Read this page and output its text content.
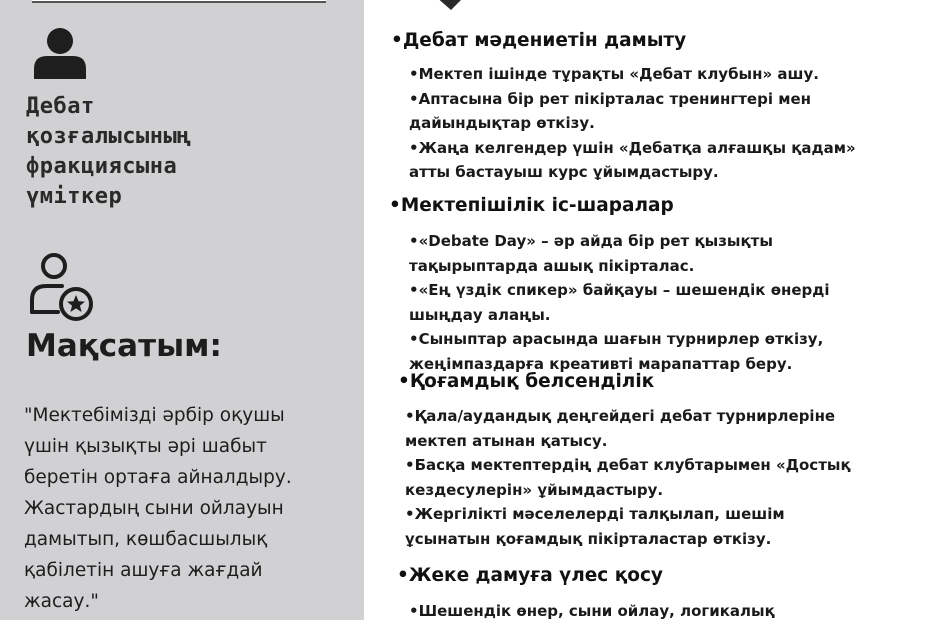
Дебат
қозғалысының
фракциясына
үміткер
Мақсатым:
"Мектебімізді әрбір оқушы
үшін қызықты әрі шабыт
беретін ортаға айналдыру.
Жастардың сыни ойлауын
дамытып, көшбасшылық
қабілетін ашуға жағдай
жасау."
•Дебат мәдениетін дамыту
•Мектеп ішінде тұрақты «Дебат клубын» ашу.
•Аптасына бір рет пікірталас тренингтері мен
дайындықтар өткізу.
•Жаңа келгендер үшін «Дебатқа алғашқы қадам»
атты бастауыш курс ұйымдастыру.
•Мектепішілік іс-шаралар
•«Debate Day» – әр айда бір рет қызықты
тақырыптарда ашық пікірталас.
•«Ең үздік спикер» байқауы – шешендік өнерді
шыңдау алаңы.
•Сыныптар арасында шағын турнирлер өткізу,
жеңімпаздарға креативті марапаттар беру.
•Қоғамдық белсенділік
•Қала/аудандық деңгейдегі дебат турнирлеріне
мектеп атынан қатысу.
•Басқа мектептердің дебат клубтарымен «Достық
кездесулерін» ұйымдастыру.
•Жергілікті мәселелерді талқылап, шешім
ұсынатын қоғамдық пікірталастар өткізу.
•Жеке дамуға үлес қосу
•Шешендік өнер, сыни ойлау, логикалық
